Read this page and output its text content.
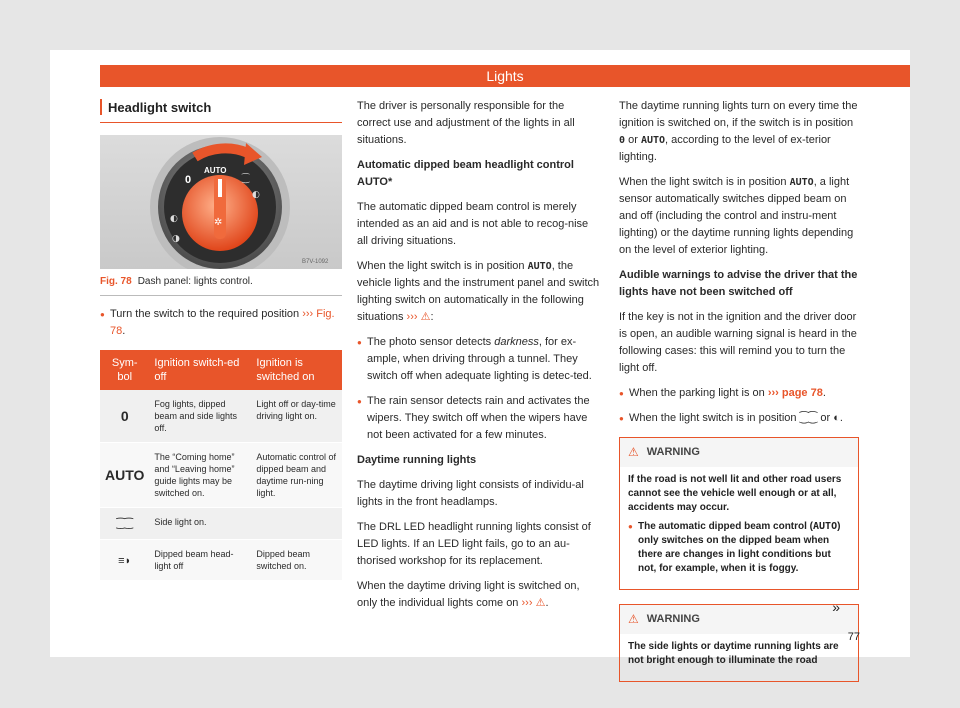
Lights
Headlight switch
0
AUTO
⁐
◐
◐
◑
✲
B7V-1092
Fig. 78 Dash panel: lights control.

● Turn the switch to the required position ››› Fig. 78.

Sym-bol	Ignition switch-ed off	Ignition is switched on
0	Fog lights, dipped beam and side lights off.	Light off or day-time driving light on.
AUTO	The “Coming home” and “Leaving home” guide lights may be switched on.	Automatic control of dipped beam and daytime run-ning light.
⁐⁐	Side light on.	
≡◗	Dipped beam head-light off	Dipped beam switched on.

The driver is personally responsible for the correct use and adjustment of the lights in all situations.

Automatic dipped beam headlight control AUTO*

The automatic dipped beam control is merely intended as an aid and is not able to recog-nise all driving situations.

When the light switch is in position AUTO, the vehicle lights and the instrument panel and switch lighting switch on automatically in the following situations ››› ⚠:

● The photo sensor detects darkness, for ex-ample, when driving through a tunnel. They switch off when adequate lighting is detec-ted.

● The rain sensor detects rain and activates the wipers. They switch off when the wipers have not been activated for a few minutes.

Daytime running lights

The daytime driving light consists of individu-al lights in the front headlamps.

The DRL LED headlight running lights consist of LED lights. If an LED light fails, go to an au-thorised workshop for its replacement.

When the daytime driving light is switched on, only the individual lights come on ››› ⚠.

The daytime running lights turn on every time the ignition is switched on, if the switch is in position 0 or AUTO, according to the level of ex-terior lighting.

When the light switch is in position AUTO, a light sensor automatically switches dipped beam on and off (including the control and instru-ment lighting) or the daytime running lights depending on the level of exterior lighting.

Audible warnings to advise the driver that the lights have not been switched off

If the key is not in the ignition and the driver door is open, an audible warning signal is heard in the following cases: this will remind you to turn the light off.

● When the parking light is on ››› page 78.

● When the light switch is in position ⁐⁐ or ◐.

⚠ WARNING

If the road is not well lit and other road users cannot see the vehicle well enough or at all, accidents may occur.

● The automatic dipped beam control (AUTO) only switches on the dipped beam when there are changes in light conditions but not, for example, when it is foggy.

⚠ WARNING

The side lights or daytime running lights are not bright enough to illuminate the road

»
77
